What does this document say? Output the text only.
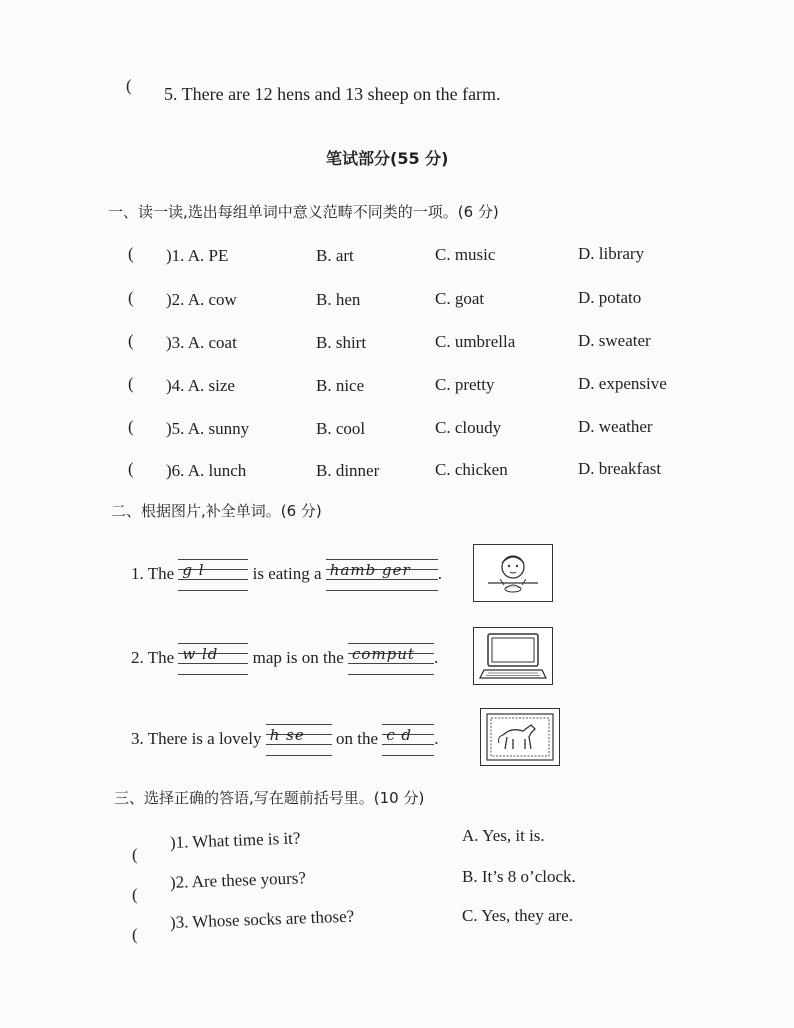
( 5. There are 12 hens and 13 sheep on the farm.
笔试部分(55 分)
一、读一读,选出每组单词中意义范畴不同类的一项。(6 分)
( )1. A. PE	B. art	C. music	D. library
( )2. A. cow	B. hen	C. goat	D. potato
( )3. A. coat	B. shirt	C. umbrella	D. sweater
( )4. A. size	B. nice	C. pretty	D. expensive
( )5. A. sunny	B. cool	C. cloudy	D. weather
( )6. A. lunch	B. dinner	C. chicken	D. breakfast
二、根据图片,补全单词。(6 分)
1. The g l	is eating a hamb ger .
2. The w ld map is on the comput .
3. There is a lovely h se on the c d .
三、选择正确的答语,写在题前括号里。(10 分)
(
)1. What time is it?
(
)2. Are these yours?
(
)3. Whose socks are those?
A. Yes, it is.
B. It’s 8 o’clock.
C. Yes, they are.
